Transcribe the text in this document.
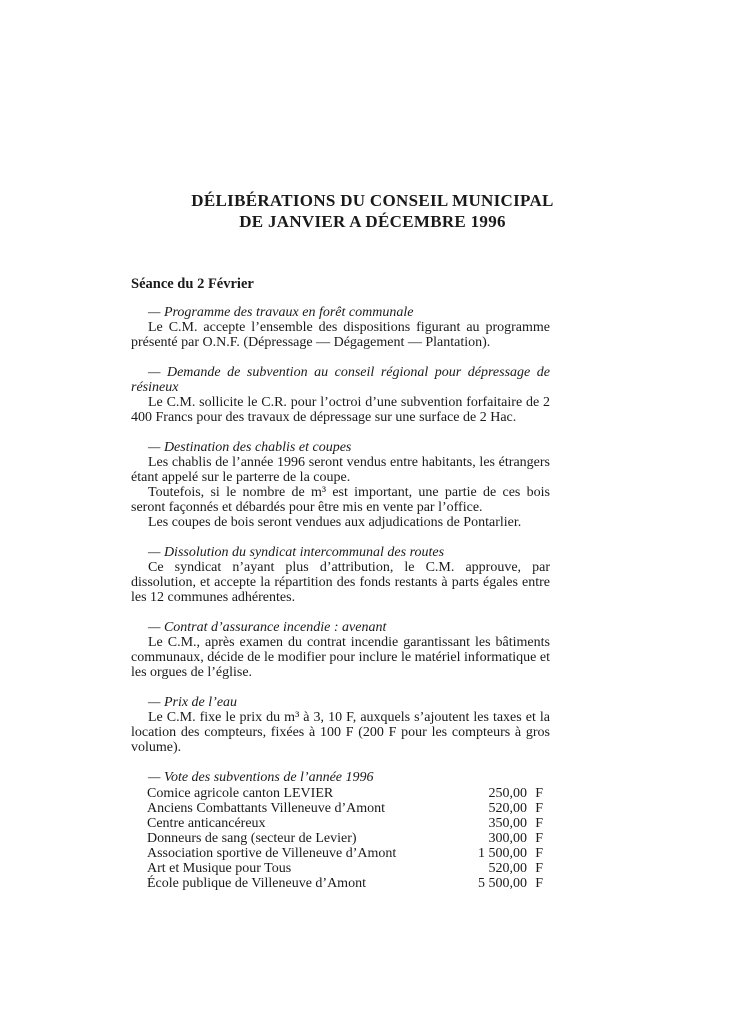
DÉLIBÉRATIONS DU CONSEIL MUNICIPAL
DE JANVIER A DÉCEMBRE 1996
Séance du 2 Février
— Programme des travaux en forêt communale
Le C.M. accepte l’ensemble des dispositions figurant au programme présenté par O.N.F. (Dépressage — Dégagement — Plantation).
— Demande de subvention au conseil régional pour dépressage de résineux
Le C.M. sollicite le C.R. pour l’octroi d’une subvention forfaitaire de 2 400 Francs pour des travaux de dépressage sur une surface de 2 Hac.
— Destination des chablis et coupes
Les chablis de l’année 1996 seront vendus entre habitants, les étrangers étant appelé sur le parterre de la coupe.
Toutefois, si le nombre de m³ est important, une partie de ces bois seront façonnés et débardés pour être mis en vente par l’office.
Les coupes de bois seront vendues aux adjudications de Pontarlier.
— Dissolution du syndicat intercommunal des routes
Ce syndicat n’ayant plus d’attribution, le C.M. approuve, par dissolution, et accepte la répartition des fonds restants à parts égales entre les 12 communes adhérentes.
— Contrat d’assurance incendie : avenant
Le C.M., après examen du contrat incendie garantissant les bâtiments communaux, décide de le modifier pour inclure le matériel informatique et les orgues de l’église.
— Prix de l’eau
Le C.M. fixe le prix du m³ à 3, 10 F, auxquels s’ajoutent les taxes et la location des compteurs, fixées à 100 F (200 F pour les compteurs à gros volume).
— Vote des subventions de l’année 1996
Comice agricole canton LEVIER	250,00 F
Anciens Combattants Villeneuve d’Amont	520,00 F
Centre anticancéreux	350,00 F
Donneurs de sang (secteur de Levier)	300,00 F
Association sportive de Villeneuve d’Amont	1 500,00 F
Art et Musique pour Tous	520,00 F
École publique de Villeneuve d’Amont	5 500,00 F
